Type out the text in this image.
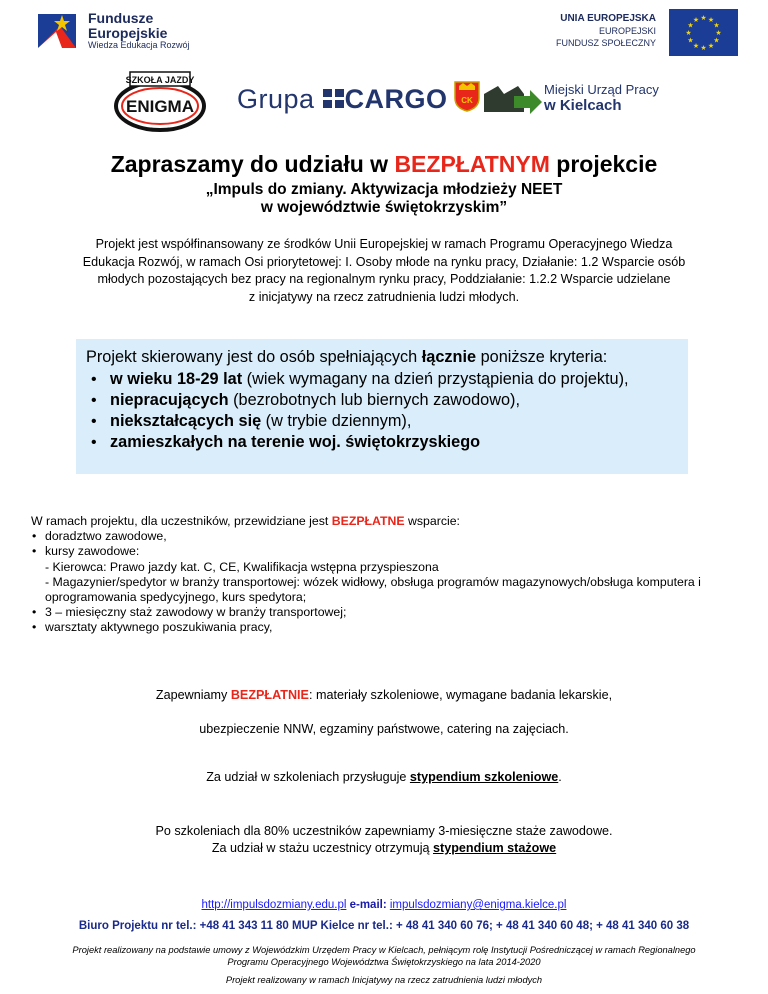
Fundusze
Europejskie
Wiedza Edukacja Rozwój
UNIA EUROPEJSKA
EUROPEJSKI
FUNDUSZ SPOŁECZNY
★ ★
★
★
★
★
★
★
★
★
★
★
SZKOŁA JAZDY
ENIGMA Grupa CARGO CK
Miejski Urząd Pracy
w Kielcach
Zapraszamy do udziału w BEZPŁATNYM projekcie
„Impuls do zmiany. Aktywizacja młodzieży NEET
w województwie świętokrzyskim”
Projekt jest współfinansowany ze środków Unii Europejskiej w ramach Programu Operacyjnego Wiedza
Edukacja Rozwój, w ramach Osi priorytetowej: I. Osoby młode na rynku pracy, Działanie: 1.2 Wsparcie osób
młodych pozostających bez pracy na regionalnym rynku pracy, Poddziałanie: 1.2.2 Wsparcie udzielane
z inicjatywy na rzecz zatrudnienia ludzi młodych.
Projekt skierowany jest do osób spełniających łącznie poniższe kryteria:
• w wieku 18-29 lat (wiek wymagany na dzień przystąpienia do projektu),
• niepracujących (bezrobotnych lub biernych zawodowo),
• niekształcących się (w trybie dziennym),
• zamieszkałych na terenie woj. świętokrzyskiego
W ramach projektu, dla uczestników, przewidziane jest BEZPŁATNE wsparcie:
• doradztwo zawodowe,
• kursy zawodowe:
- Kierowca: Prawo jazdy kat. C, CE, Kwalifikacja wstępna przyspieszona
- Magazynier/spedytor w branży transportowej: wózek widłowy, obsługa programów magazynowych/obsługa komputera i oprogramowania spedycyjnego, kurs spedytora;
• 3 – miesięczny staż zawodowy w branży transportowej;
• warsztaty aktywnego poszukiwania pracy,
Zapewniamy BEZPŁATNIE: materiały szkoleniowe, wymagane badania lekarskie,
ubezpieczenie NNW, egzaminy państwowe, catering na zajęciach.
Za udział w szkoleniach przysługuje stypendium szkoleniowe.
Po szkoleniach dla 80% uczestników zapewniamy 3-miesięczne staże zawodowe.
Za udział w stażu uczestnicy otrzymują stypendium stażowe
http://impulsdozmiany.edu.pl e-mail: impulsdozmiany@enigma.kielce.pl
Biuro Projektu nr tel.: +48 41 343 11 80 MUP Kielce nr tel.: + 48 41 340 60 76; + 48 41 340 60 48; + 48 41 340 60 38
Projekt realizowany na podstawie umowy z Wojewódzkim Urzędem Pracy w Kielcach, pełniącym rolę Instytucji Pośredniczącej w ramach Regionalnego
Programu Operacyjnego Województwa Świętokrzyskiego na lata 2014-2020
Projekt realizowany w ramach Inicjatywy na rzecz zatrudnienia ludzi młodych
